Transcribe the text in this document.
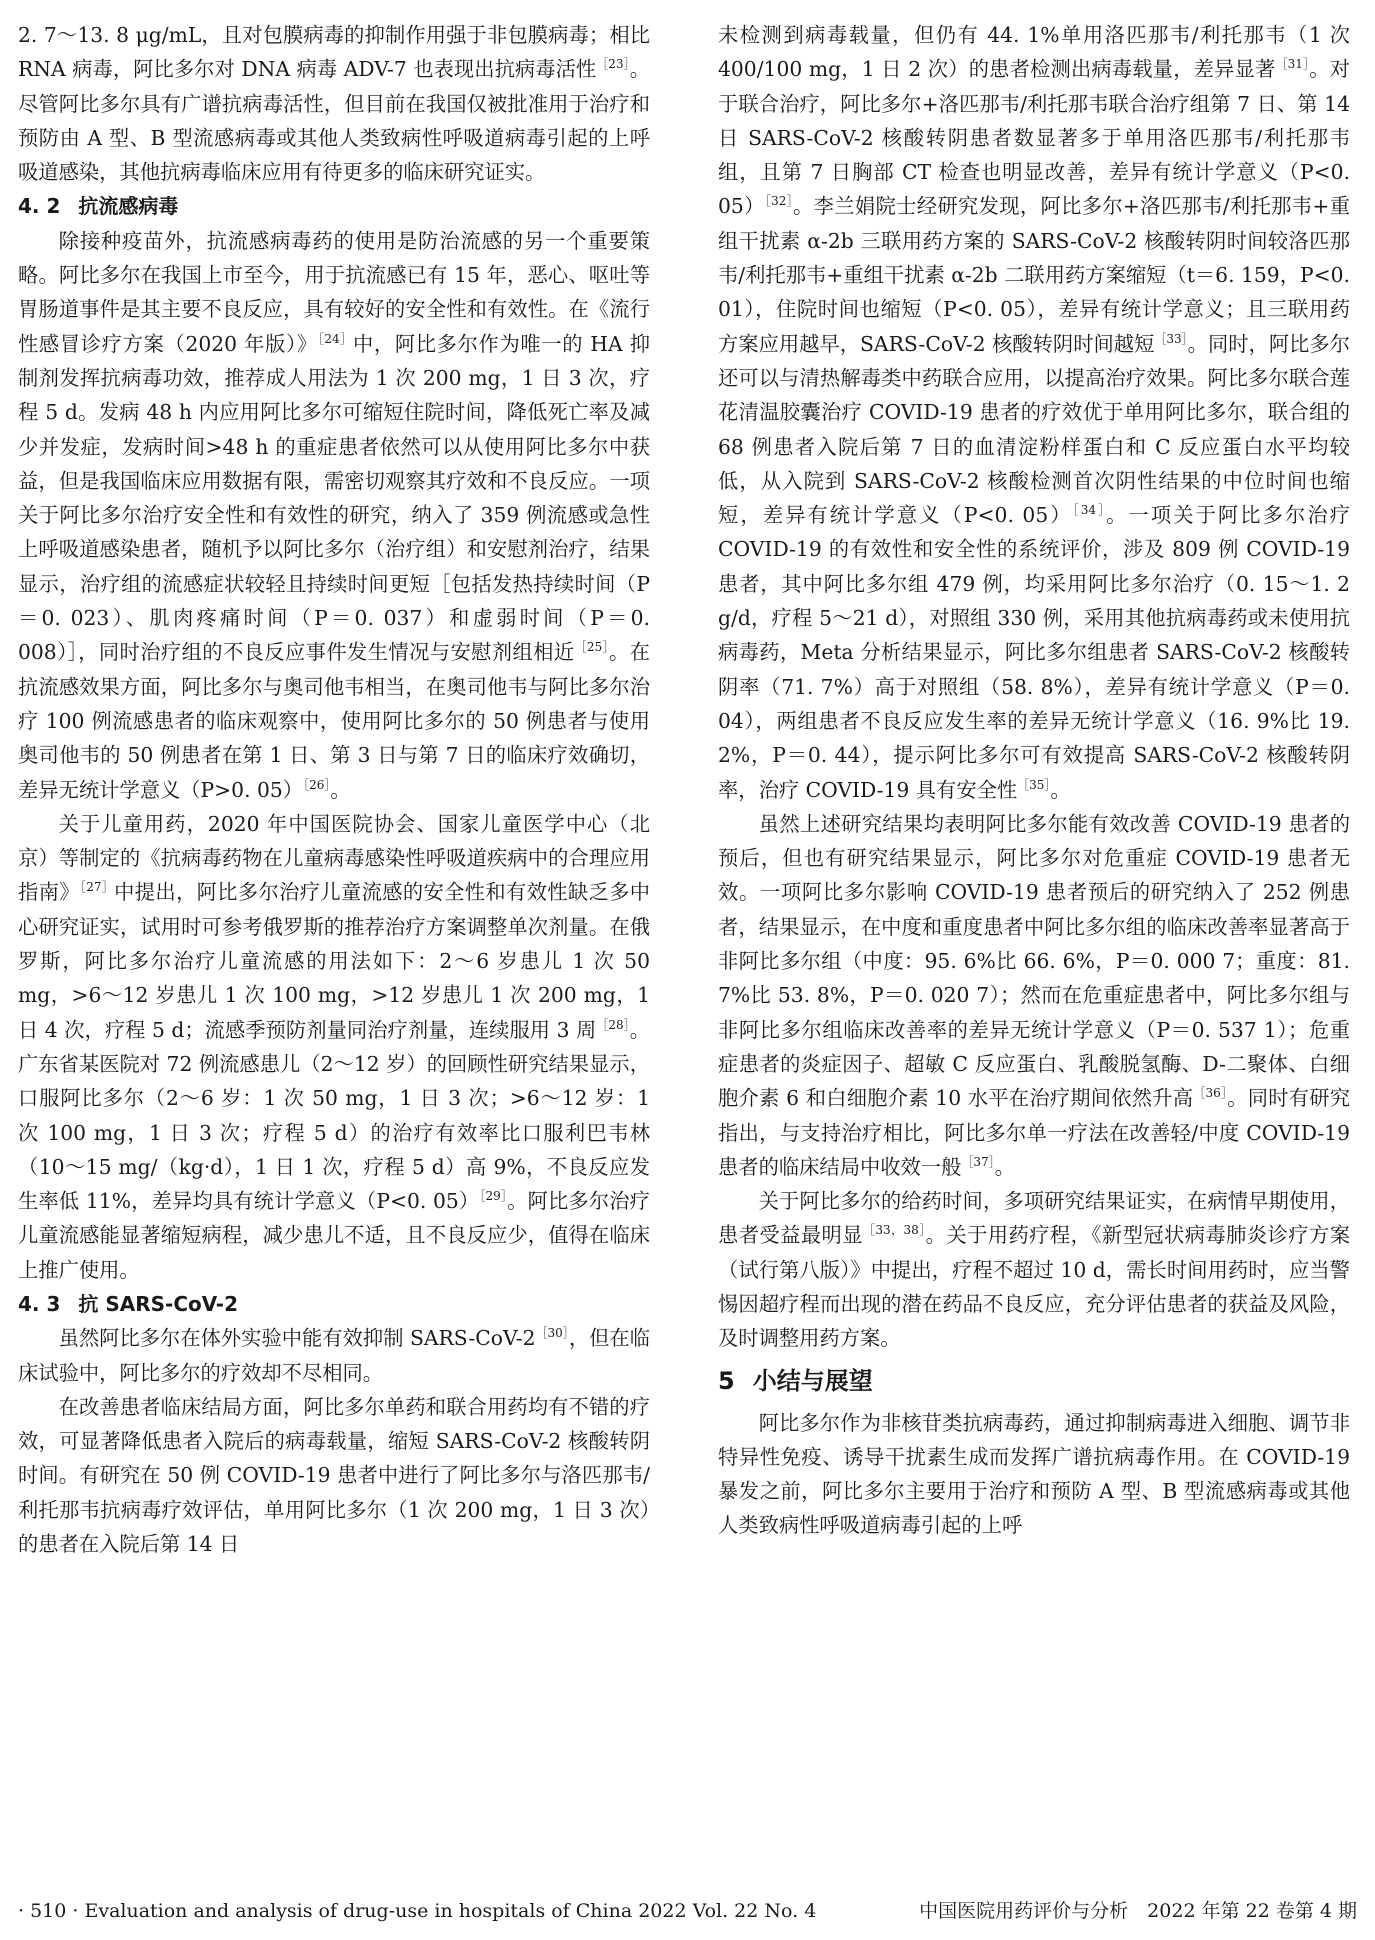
2. 7～13. 8 μg/mL，且对包膜病毒的抑制作用强于非包膜病毒；相比 RNA 病毒，阿比多尔对 DNA 病毒 ADV-7 也表现出抗病毒活性$^{[23]}$。尽管阿比多尔具有广谱抗病毒活性，但目前在我国仅被批准用于治疗和预防由 A 型、B 型流感病毒或其他人类致病性呼吸道病毒引起的上呼吸道感染，其他抗病毒临床应用有待更多的临床研究证实。

4. 2 抗流感病毒

除接种疫苗外，抗流感病毒药的使用是防治流感的另一个重要策略。阿比多尔在我国上市至今，用于抗流感已有 15 年，恶心、呕吐等胃肠道事件是其主要不良反应，具有较好的安全性和有效性。在《流行性感冒诊疗方案（2020 年版）》$^{[24]}$中，阿比多尔作为唯一的 HA 抑制剂发挥抗病毒功效，推荐成人用法为 1 次 200 mg，1 日 3 次，疗程 5 d。发病 48 h 内应用阿比多尔可缩短住院时间，降低死亡率及减少并发症，发病时间>48 h 的重症患者依然可以从使用阿比多尔中获益，但是我国临床应用数据有限，需密切观察其疗效和不良反应。一项关于阿比多尔治疗安全性和有效性的研究，纳入了 359 例流感或急性上呼吸道感染患者，随机予以阿比多尔（治疗组）和安慰剂治疗，结果显示，治疗组的流感症状较轻且持续时间更短［包括发热持续时间（P＝0. 023）、肌肉疼痛时间（P＝0. 037）和虚弱时间（P＝0. 008）］，同时治疗组的不良反应事件发生情况与安慰剂组相近$^{[25]}$。在抗流感效果方面，阿比多尔与奥司他韦相当，在奥司他韦与阿比多尔治疗 100 例流感患者的临床观察中，使用阿比多尔的 50 例患者与使用奥司他韦的 50 例患者在第 1 日、第 3 日与第 7 日的临床疗效确切，差异无统计学意义（P>0. 05）$^{[26]}$。

关于儿童用药，2020 年中国医院协会、国家儿童医学中心（北京）等制定的《抗病毒药物在儿童病毒感染性呼吸道疾病中的合理应用指南》$^{[27]}$中提出，阿比多尔治疗儿童流感的安全性和有效性缺乏多中心研究证实，试用时可参考俄罗斯的推荐治疗方案调整单次剂量。在俄罗斯，阿比多尔治疗儿童流感的用法如下：2～6 岁患儿 1 次 50 mg，>6～12 岁患儿 1 次 100 mg，>12 岁患儿 1 次 200 mg，1 日 4 次，疗程 5 d；流感季预防剂量同治疗剂量，连续服用 3 周$^{[28]}$。广东省某医院对 72 例流感患儿（2～12 岁）的回顾性研究结果显示，口服阿比多尔（2～6 岁：1 次 50 mg，1 日 3 次；>6～12 岁：1 次 100 mg，1 日 3 次；疗程 5 d）的治疗有效率比口服利巴韦林（10～15 mg/（kg·d），1 日 1 次，疗程 5 d）高 9%，不良反应发生率低 11%，差异均具有统计学意义（P<0. 05）$^{[29]}$。阿比多尔治疗儿童流感能显著缩短病程，减少患儿不适，且不良反应少，值得在临床上推广使用。

4. 3 抗 SARS-CoV-2

虽然阿比多尔在体外实验中能有效抑制 SARS-CoV-2$^{[30]}$，但在临床试验中，阿比多尔的疗效却不尽相同。

在改善患者临床结局方面，阿比多尔单药和联合用药均有不错的疗效，可显著降低患者入院后的病毒载量，缩短 SARS-CoV-2 核酸转阴时间。有研究在 50 例 COVID-19 患者中进行了阿比多尔与洛匹那韦/利托那韦抗病毒疗效评估，单用阿比多尔（1 次 200 mg，1 日 3 次）的患者在入院后第 14 日

未检测到病毒载量，但仍有 44. 1%单用洛匹那韦/利托那韦（1 次 400/100 mg，1 日 2 次）的患者检测出病毒载量，差异显著$^{[31]}$。对于联合治疗，阿比多尔+洛匹那韦/利托那韦联合治疗组第 7 日、第 14 日 SARS-CoV-2 核酸转阴患者数显著多于单用洛匹那韦/利托那韦组，且第 7 日胸部 CT 检查也明显改善，差异有统计学意义（P<0. 05）$^{[32]}$。李兰娟院士经研究发现，阿比多尔+洛匹那韦/利托那韦+重组干扰素 α-2b 三联用药方案的 SARS-CoV-2 核酸转阴时间较洛匹那韦/利托那韦+重组干扰素 α-2b 二联用药方案缩短（t＝6. 159，P<0. 01），住院时间也缩短（P<0. 05），差异有统计学意义；且三联用药方案应用越早，SARS-CoV-2 核酸转阴时间越短$^{[33]}$。同时，阿比多尔还可以与清热解毒类中药联合应用，以提高治疗效果。阿比多尔联合莲花清温胶囊治疗 COVID-19 患者的疗效优于单用阿比多尔，联合组的 68 例患者入院后第 7 日的血清淀粉样蛋白和 C 反应蛋白水平均较低，从入院到 SARS-CoV-2 核酸检测首次阴性结果的中位时间也缩短，差异有统计学意义（P<0. 05）$^{[34]}$。一项关于阿比多尔治疗 COVID-19 的有效性和安全性的系统评价，涉及 809 例 COVID-19 患者，其中阿比多尔组 479 例，均采用阿比多尔治疗（0. 15～1. 2 g/d，疗程 5～21 d），对照组 330 例，采用其他抗病毒药或未使用抗病毒药，Meta 分析结果显示，阿比多尔组患者 SARS-CoV-2 核酸转阴率（71. 7%）高于对照组（58. 8%），差异有统计学意义（P＝0. 04），两组患者不良反应发生率的差异无统计学意义（16. 9%比 19. 2%，P＝0. 44），提示阿比多尔可有效提高 SARS-CoV-2 核酸转阴率，治疗 COVID-19 具有安全性$^{[35]}$。

虽然上述研究结果均表明阿比多尔能有效改善 COVID-19 患者的预后，但也有研究结果显示，阿比多尔对危重症 COVID-19 患者无效。一项阿比多尔影响 COVID-19 患者预后的研究纳入了 252 例患者，结果显示，在中度和重度患者中阿比多尔组的临床改善率显著高于非阿比多尔组（中度：95. 6%比 66. 6%，P＝0. 000 7；重度：81. 7%比 53. 8%，P＝0. 020 7）；然而在危重症患者中，阿比多尔组与非阿比多尔组临床改善率的差异无统计学意义（P＝0. 537 1）；危重症患者的炎症因子、超敏 C 反应蛋白、乳酸脱氢酶、D-二聚体、白细胞介素 6 和白细胞介素 10 水平在治疗期间依然升高$^{[36]}$。同时有研究指出，与支持治疗相比，阿比多尔单一疗法在改善轻/中度 COVID-19 患者的临床结局中收效一般$^{[37]}$。

关于阿比多尔的给药时间，多项研究结果证实，在病情早期使用，患者受益最明显$^{[33,38]}$。关于用药疗程，《新型冠状病毒肺炎诊疗方案（试行第八版）》中提出，疗程不超过 10 d，需长时间用药时，应当警惕因超疗程而出现的潜在药品不良反应，充分评估患者的获益及风险，及时调整用药方案。

5 小结与展望

阿比多尔作为非核苷类抗病毒药，通过抑制病毒进入细胞、调节非特异性免疫、诱导干扰素生成而发挥广谱抗病毒作用。在 COVID-19 暴发之前，阿比多尔主要用于治疗和预防 A 型、B 型流感病毒或其他人类致病性呼吸道病毒引起的上呼

· 510 · Evaluation and analysis of drug-use in hospitals of China 2022 Vol. 22 No. 4	中国医院用药评价与分析　2022 年第 22 卷第 4 期
